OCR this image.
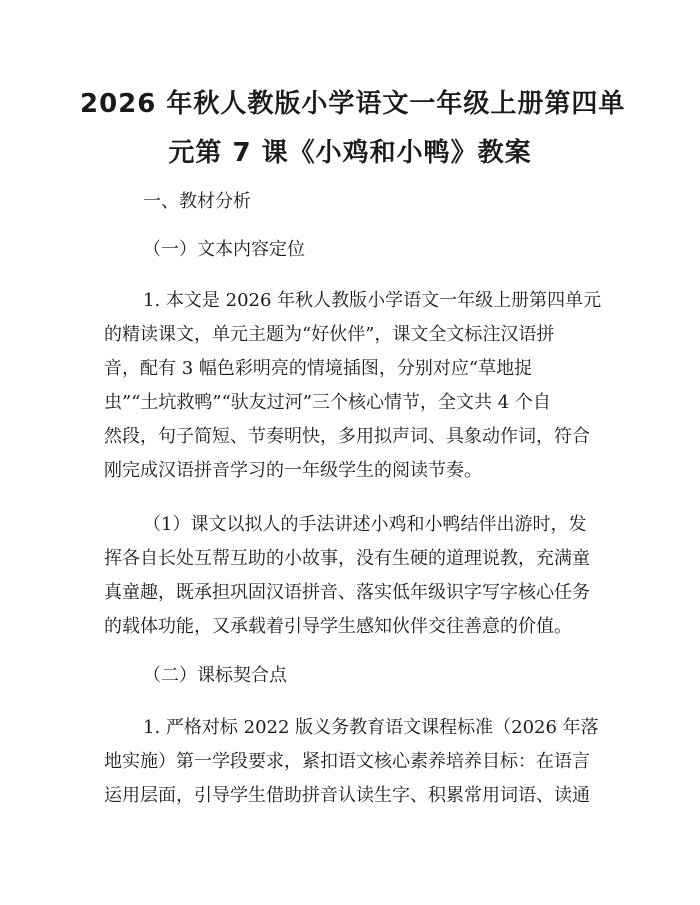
2026 年秋人教版小学语文一年级上册第四单
元第 7 课《小鸡和小鸭》教案
一、教材分析
（一）文本内容定位
1. 本文是 2026 年秋人教版小学语文一年级上册第四单元
的精读课文，单元主题为“好伙伴”，课文全文标注汉语拼
音，配有 3 幅色彩明亮的情境插图，分别对应“草地捉
虫”“土坑救鸭”“驮友过河”三个核心情节，全文共 4 个自
然段，句子简短、节奏明快，多用拟声词、具象动作词，符合
刚完成汉语拼音学习的一年级学生的阅读节奏。
（1）课文以拟人的手法讲述小鸡和小鸭结伴出游时，发
挥各自长处互帮互助的小故事，没有生硬的道理说教，充满童
真童趣，既承担巩固汉语拼音、落实低年级识字写字核心任务
的载体功能，又承载着引导学生感知伙伴交往善意的价值。
（二）课标契合点
1. 严格对标 2022 版义务教育语文课程标准（2026 年落
地实施）第一学段要求，紧扣语文核心素养培养目标：在语言
运用层面，引导学生借助拼音认读生字、积累常用词语、读通
